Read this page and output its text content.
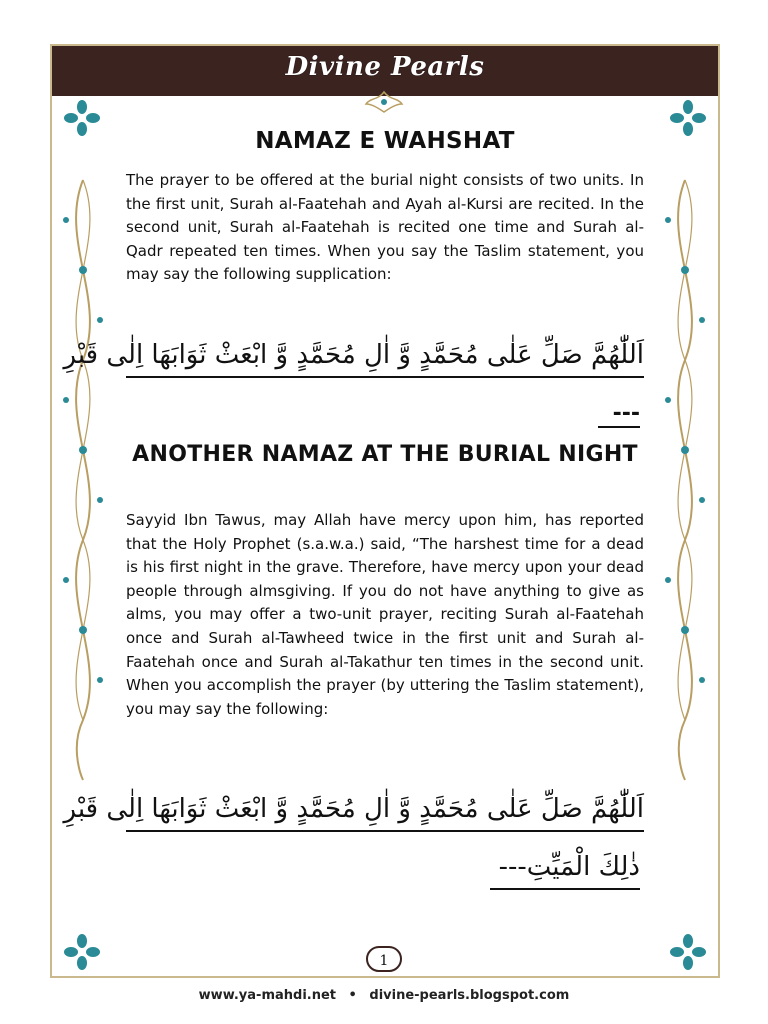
Divine Pearls
NAMAZ E WAHSHAT
The prayer to be offered at the burial night consists of two units. In the first unit, Surah al-Faatehah and Ayah al-Kursi are recited. In the second unit, Surah al-Faatehah is recited one time and Surah al-Qadr repeated ten times. When you say the Taslim statement, you may say the following supplication:
اَللّٰهُمَّ صَلِّ عَلٰى مُحَمَّدٍ وَّ اٰلِ مُحَمَّدٍ وَّ ابْعَثْ ثَوَابَهَا اِلٰى قَبْرِ
---
ANOTHER NAMAZ AT THE BURIAL NIGHT
Sayyid Ibn Tawus, may Allah have mercy upon him, has reported that the Holy Prophet (s.a.w.a.) said, “The harshest time for a dead is his first night in the grave. Therefore, have mercy upon your dead people through almsgiving. If you do not have anything to give as alms, you may offer a two-unit prayer, reciting Surah al-Faatehah once and Surah al-Tawheed twice in the first unit and Surah al-Faatehah once and Surah al-Takathur ten times in the second unit. When you accomplish the prayer (by uttering the Taslim statement), you may say the following:
اَللّٰهُمَّ صَلِّ عَلٰى مُحَمَّدٍ وَّ اٰلِ مُحَمَّدٍ وَّ ابْعَثْ ثَوَابَهَا اِلٰى قَبْرِ
ذٰلِكَ الْمَيِّتِ---
1
www.ya-mahdi.net • divine-pearls.blogspot.com
